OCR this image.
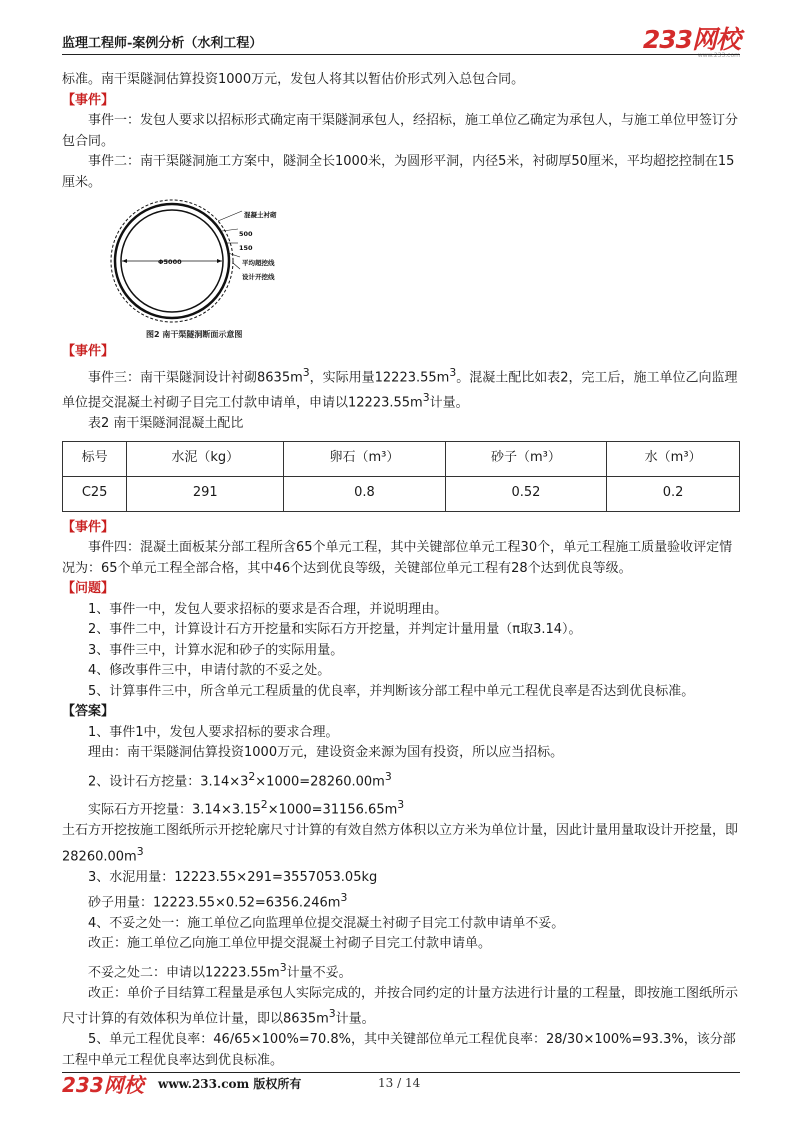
监理工程师-案例分析（水利工程）	233网校
www.233.com

标准。南干渠隧洞估算投资1000万元，发包人将其以暂估价形式列入总包合同。

【事件】

事件一：发包人要求以招标形式确定南干渠隧洞承包人，经招标，施工单位乙确定为承包人，与施工单位甲签订分包合同。

事件二：南干渠隧洞施工方案中，隧洞全长1000米，为圆形平洞，内径5米，衬砌厚50厘米，平均超挖控制在15厘米。

混凝土衬砌
500
150
Φ5000	平均超挖线
设计开挖线
图2 南干渠隧洞断面示意图

【事件】

事件三：南干渠隧洞设计衬砌$8635m^3$，实际用量$12223.55m^3$。混凝土配比如表2，完工后，施工单位乙向监理单位提交混凝土衬砌子目完工付款申请单，申请以$12223.55m^3$计量。

表2 南干渠隧洞混凝土配比

标号	水泥（kg）	卵石（m³）	砂子（m³）	水（m³）
C25	291	0.8	0.52	0.2

【事件】

事件四：混凝土面板某分部工程所含65个单元工程，其中关键部位单元工程30个，单元工程施工质量验收评定情况为：65个单元工程全部合格，其中46个达到优良等级，关键部位单元工程有28个达到优良等级。

【问题】

1、事件一中，发包人要求招标的要求是否合理，并说明理由。

2、事件二中，计算设计石方开挖量和实际石方开挖量，并判定计量用量（π取3.14）。

3、事件三中，计算水泥和砂子的实际用量。

4、修改事件三中，申请付款的不妥之处。

5、计算事件三中，所含单元工程质量的优良率，并判断该分部工程中单元工程优良率是否达到优良标准。

【答案】

1、事件1中，发包人要求招标的要求合理。

理由：南干渠隧洞估算投资1000万元，建设资金来源为国有投资，所以应当招标。

2、设计石方挖量：$3.14\times 3^2\times 1000=28260.00m^3$

实际石方开挖量：$3.14\times 3.15^2\times 1000=31156.65m^3$

土石方开挖按施工图纸所示开挖轮廓尺寸计算的有效自然方体积以立方米为单位计量，因此计量用量取设计开挖量，即$28260.00m^3$

3、水泥用量：12223.55×291=3557053.05kg

砂子用量：$12223.55\times 0.52=6356.246m^3$

4、不妥之处一：施工单位乙向监理单位提交混凝土衬砌子目完工付款申请单不妥。

改正：施工单位乙向施工单位甲提交混凝土衬砌子目完工付款申请单。

不妥之处二：申请以$12223.55m^3$计量不妥。

改正：单价子目结算工程量是承包人实际完成的，并按合同约定的计量方法进行计量的工程量，即按施工图纸所示尺寸计算的有效体积为单位计量，即以$8635m^3$计量。

5、单元工程优良率：46/65×100%=70.8%，其中关键部位单元工程优良率：28/30×100%=93.3%，该分部工程中单元工程优良率达到优良标准。

233网校 www.233.com 版权所有	13 / 14
